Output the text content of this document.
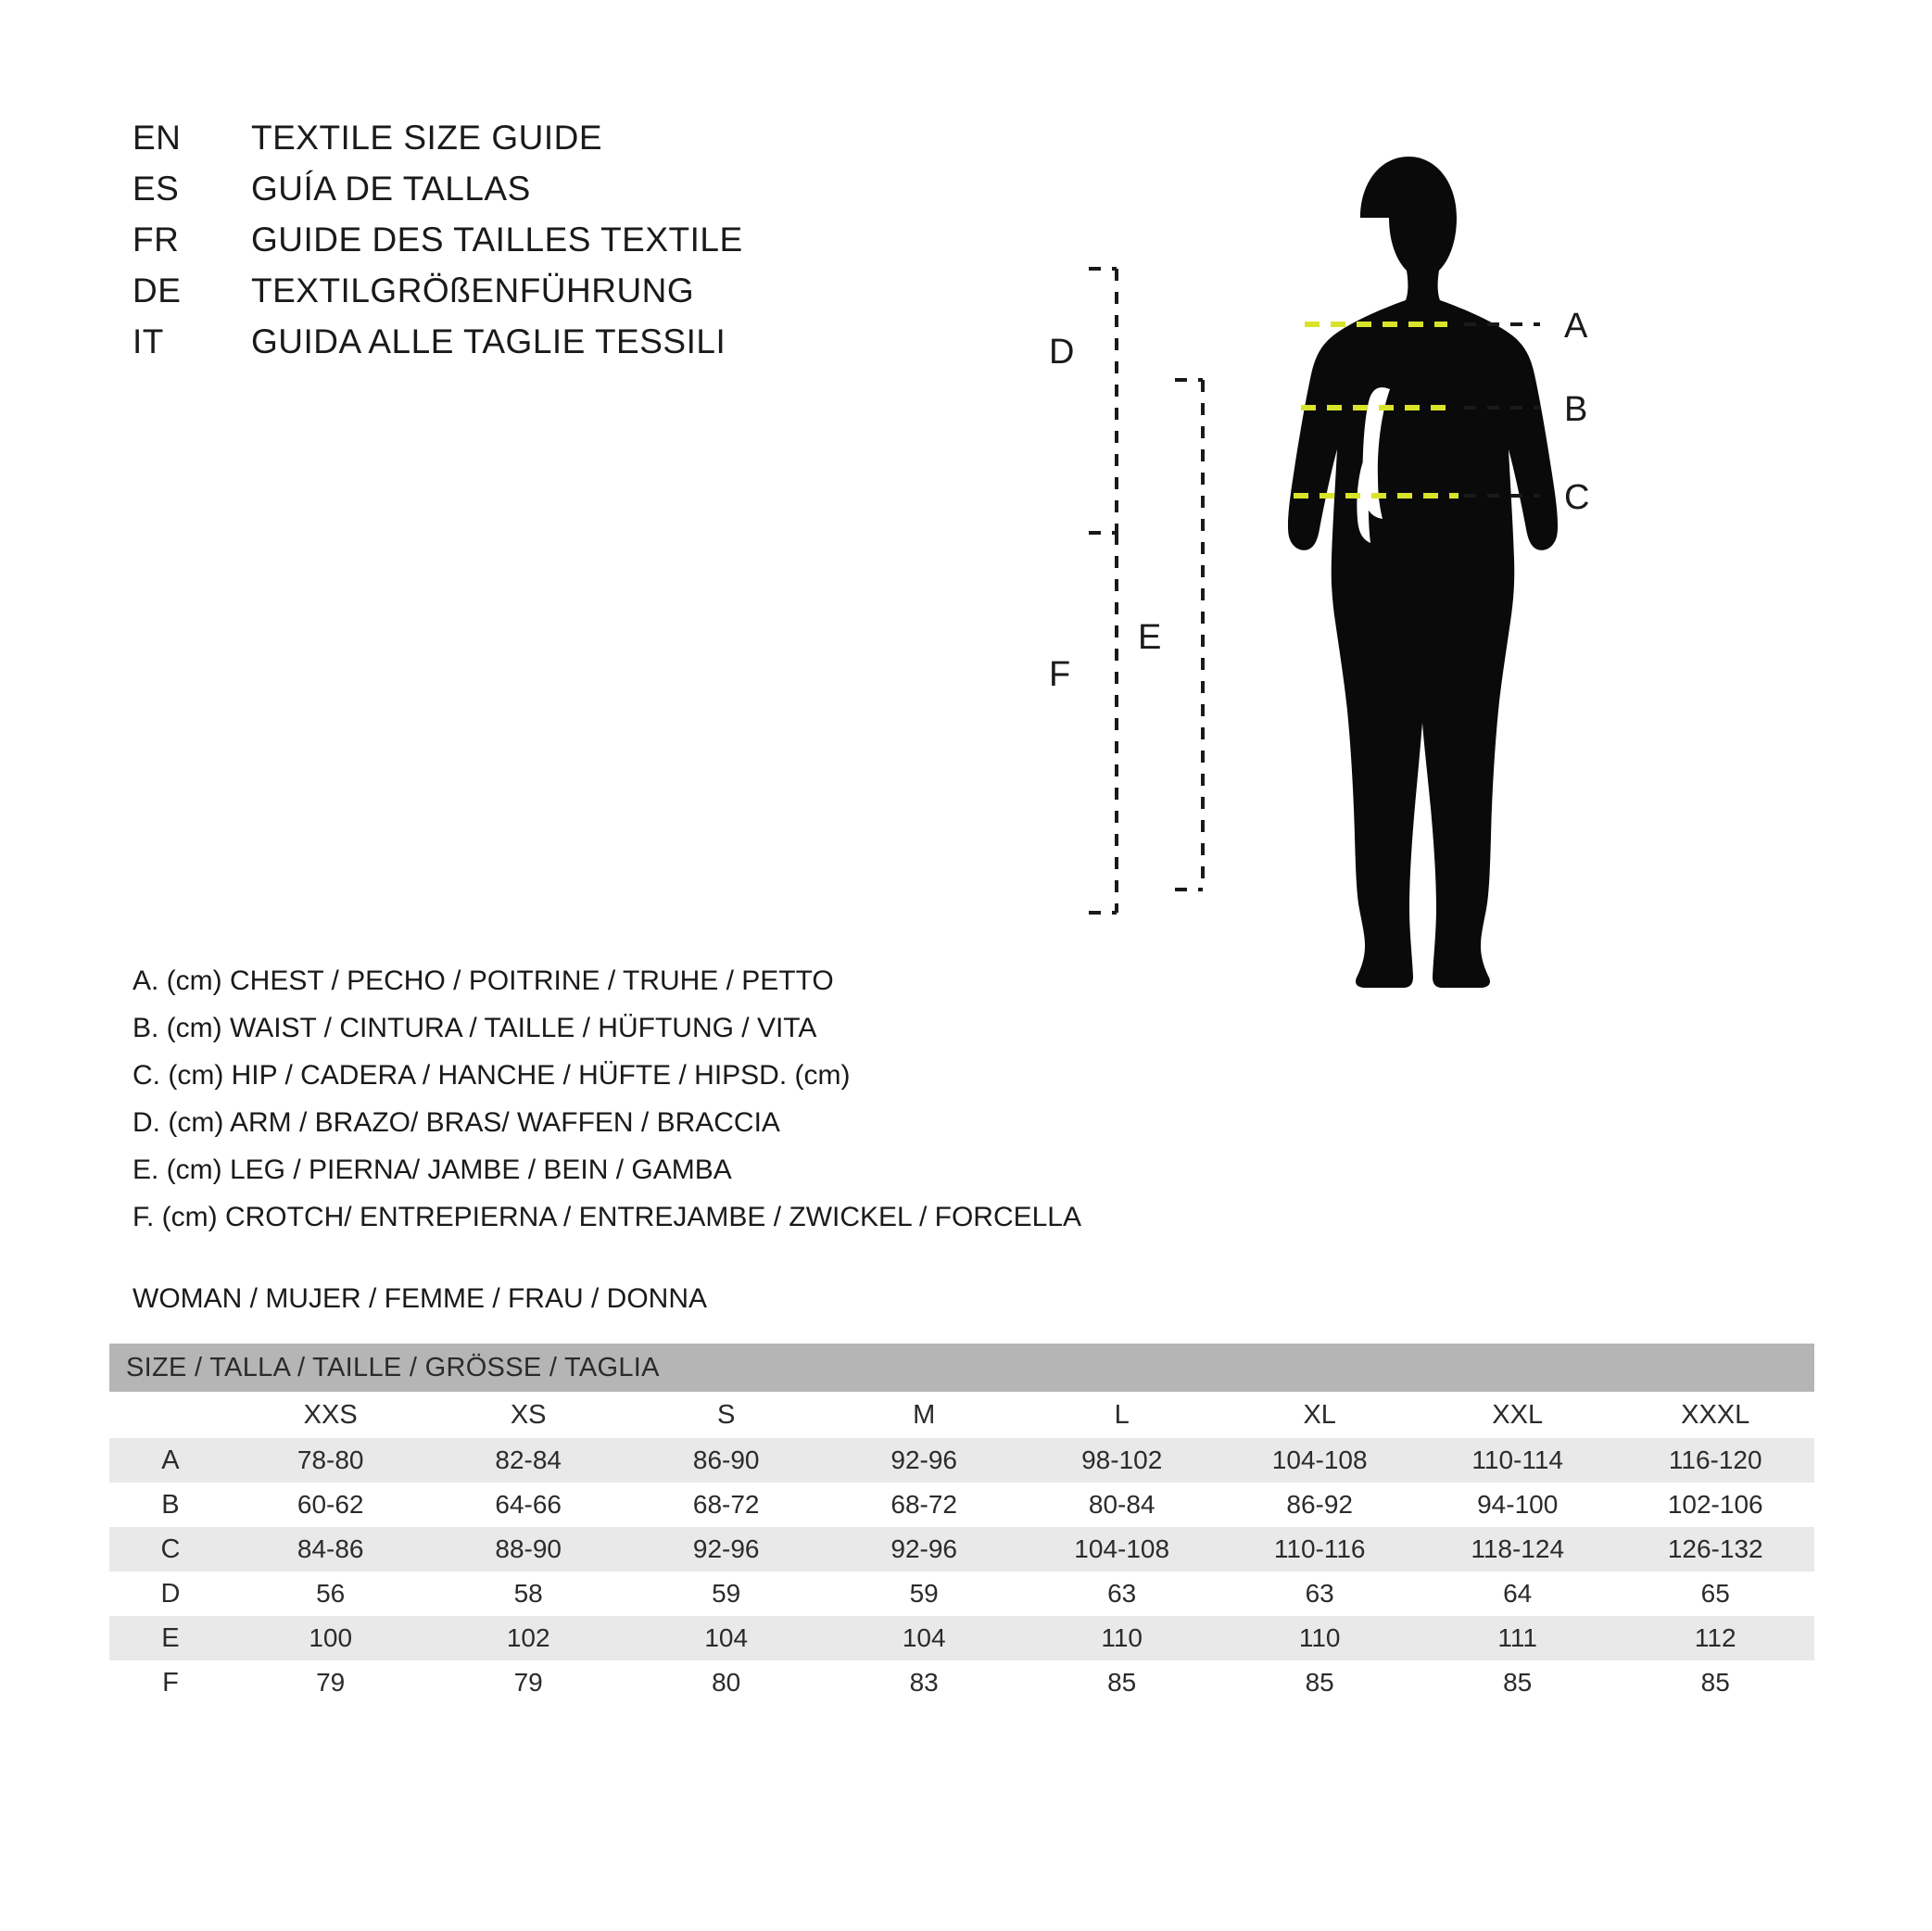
EN	TEXTILE SIZE GUIDE
ES	GUÍA DE TALLAS
FR	GUIDE DES TAILLES TEXTILE
DE	TEXTILGRÖßENFÜHRUNG
IT	GUIDA ALLE TAGLIE TESSILI
A. (cm) CHEST / PECHO / POITRINE / TRUHE / PETTO
B. (cm) WAIST / CINTURA / TAILLE / HÜFTUNG / VITA
C. (cm) HIP / CADERA / HANCHE / HÜFTE / HIPSD. (cm)
D. (cm) ARM / BRAZO/ BRAS/ WAFFEN / BRACCIA
E. (cm) LEG / PIERNA/ JAMBE / BEIN / GAMBA
F. (cm) CROTCH/ ENTREPIERNA / ENTREJAMBE / ZWICKEL / FORCELLA
WOMAN / MUJER / FEMME / FRAU / DONNA
A
B
C
D
F
E
SIZE / TALLA / TAILLE / GRÖSSE / TAGLIA								
	XXS	XS	S	M	L	XL	XXL	XXXL
A	78-80	82-84	86-90	92-96	98-102	104-108	110-114	116-120
B	60-62	64-66	68-72	68-72	80-84	86-92	94-100	102-106
C	84-86	88-90	92-96	92-96	104-108	110-116	118-124	126-132
D	56	58	59	59	63	63	64	65
E	100	102	104	104	110	110	111	112
F	79	79	80	83	85	85	85	85
